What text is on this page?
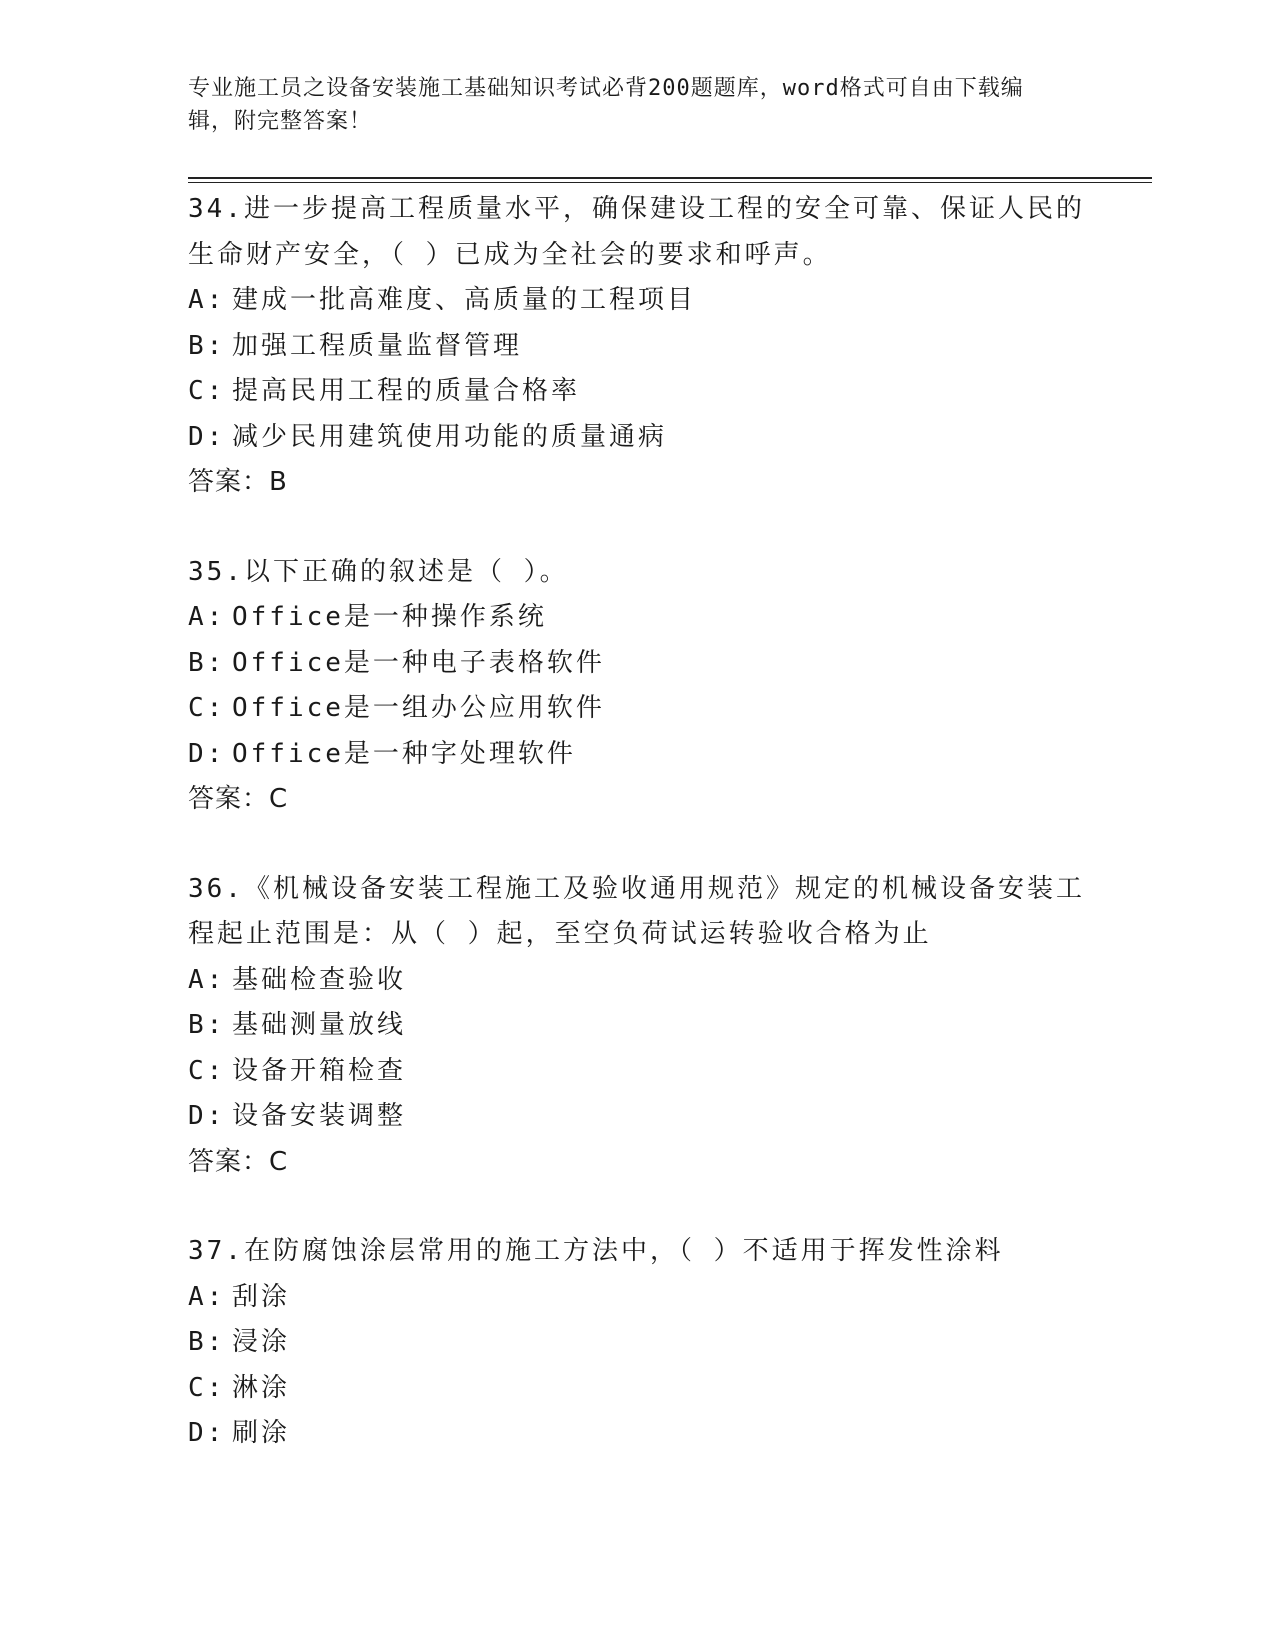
专业施工员之设备安装施工基础知识考试必背200题题库，word格式可自由下载编辑，附完整答案！

34.进一步提高工程质量水平，确保建设工程的安全可靠、保证人民的生命财产安全，（ ）已成为全社会的要求和呼声。

A: 建成一批高难度、高质量的工程项目

B: 加强工程质量监督管理

C: 提高民用工程的质量合格率

D: 减少民用建筑使用功能的质量通病

答案：B

35.以下正确的叙述是（ ）。

A: Office是一种操作系统

B: Office是一种电子表格软件

C: Office是一组办公应用软件

D: Office是一种字处理软件

答案：C

36.《机械设备安装工程施工及验收通用规范》规定的机械设备安装工程起止范围是：从（ ）起，至空负荷试运转验收合格为止

A: 基础检查验收

B: 基础测量放线

C: 设备开箱检查

D: 设备安装调整

答案：C

37.在防腐蚀涂层常用的施工方法中，（ ）不适用于挥发性涂料

A: 刮涂

B: 浸涂

C: 淋涂

D: 刷涂
